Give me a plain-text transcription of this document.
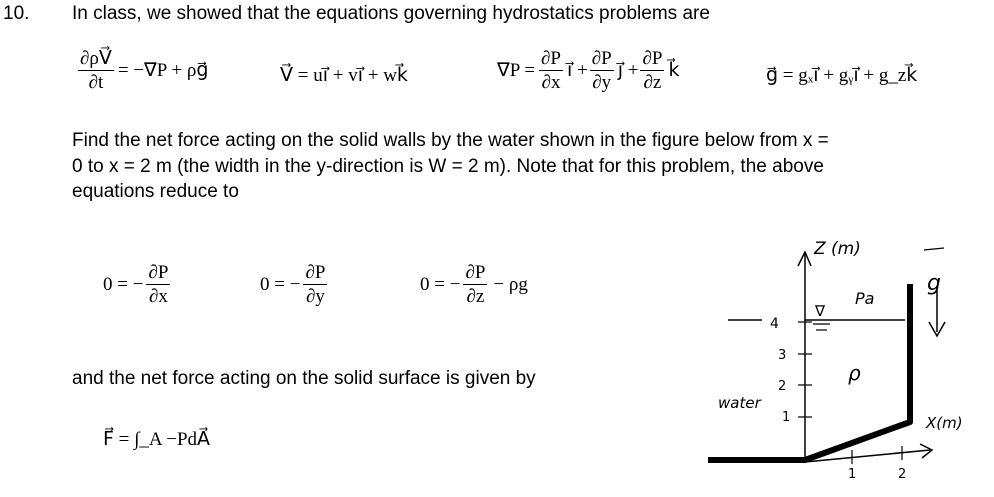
10. In class, we showed that the equations governing hydrostatics problems are
$\frac{\partial\rho V⃗}{\partial t} = -\nabla P$ + ρg⃗	V⃗ = ui⃗ + vi⃗ + wk⃗	$\nabla P = \frac{\partial P}{\partial x}$ i⃗ + $\frac{\partial P}{\partial y}$ j⃗ + $\frac{\partial P}{\partial z}$ k⃗	g⃗ = gₓi⃗ + gᵧi⃗ + g_zk⃗
Find the net force acting on the solid walls by the water shown in the figure below from x =
0 to x = 2 m (the width in the y-direction is W = 2 m). Note that for this problem, the above
equations reduce to
0 = − $\frac{\partial P}{\partial x}$	0 = − $\frac{\partial P}{\partial y}$	0 = − $\frac{\partial P}{\partial z} - \rho g$
and the net force acting on the solid surface is given by
F⃗ = ∫_A −PdA⃗
Z (m)
4
3
2
1
∇
Pa
ρ
water
g
X(m)
1	2
